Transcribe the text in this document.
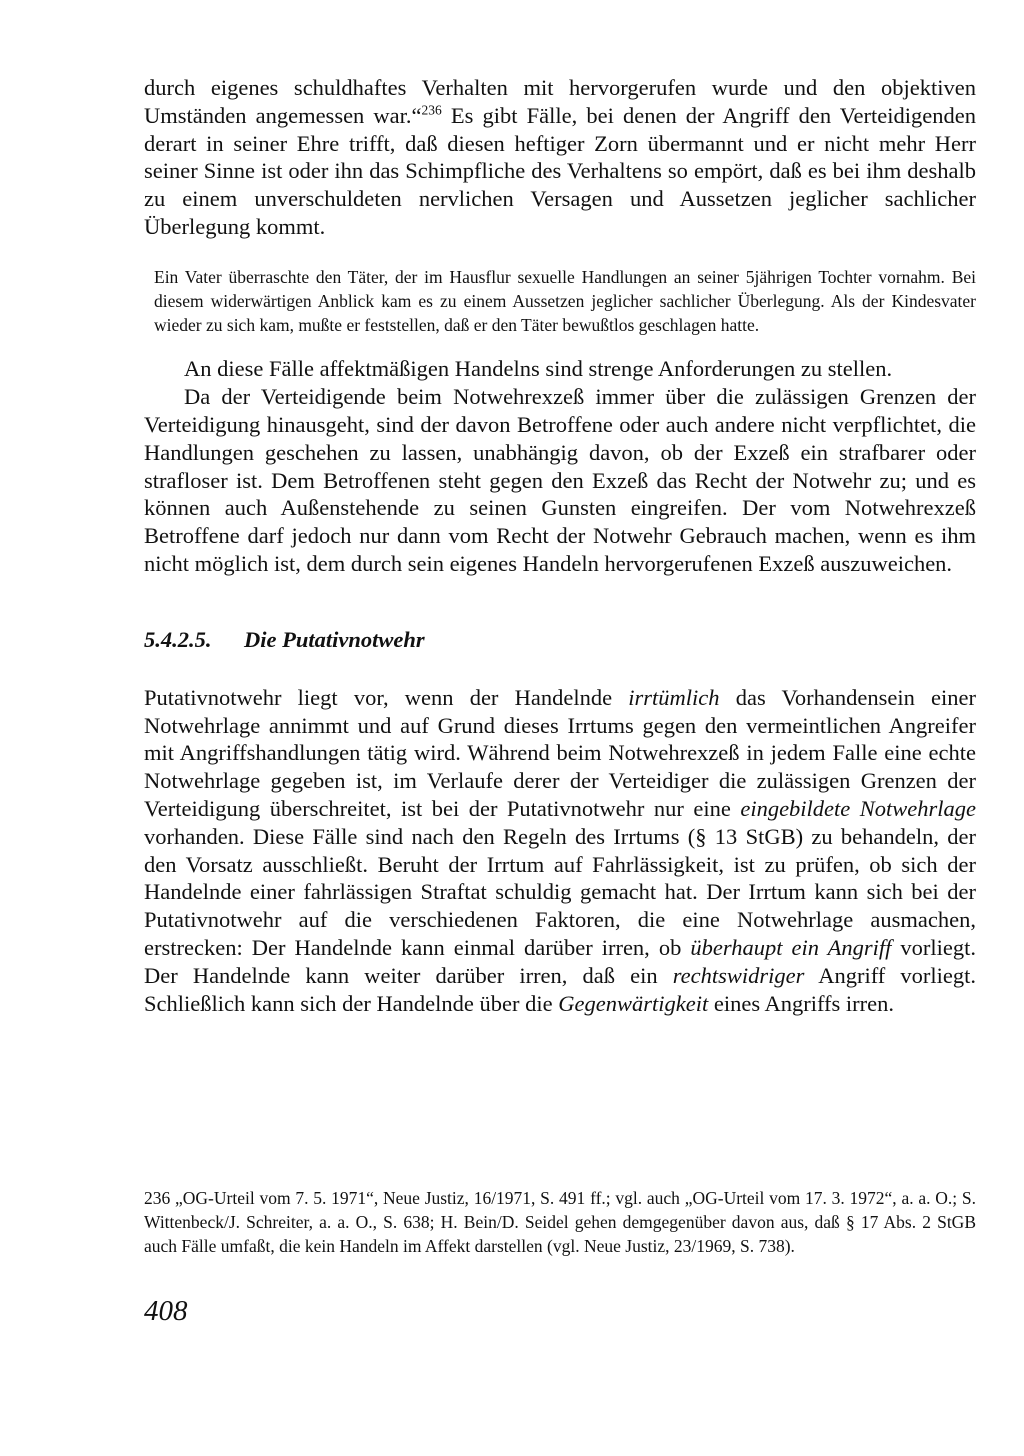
durch eigenes schuldhaftes Verhalten mit hervorgerufen wurde und den objektiven Umständen angemessen war.“$^{236}$ Es gibt Fälle, bei denen der Angriff den Verteidigenden derart in seiner Ehre trifft, daß diesen heftiger Zorn übermannt und er nicht mehr Herr seiner Sinne ist oder ihn das Schimpfliche des Verhaltens so empört, daß es bei ihm deshalb zu einem unverschuldeten nervlichen Versagen und Aussetzen jeglicher sachlicher Überlegung kommt.

Ein Vater überraschte den Täter, der im Hausflur sexuelle Handlungen an seiner 5jährigen Tochter vornahm. Bei diesem widerwärtigen Anblick kam es zu einem Aussetzen jeglicher sachlicher Überlegung. Als der Kindesvater wieder zu sich kam, mußte er feststellen, daß er den Täter bewußtlos geschlagen hatte.

An diese Fälle affektmäßigen Handelns sind strenge Anforderungen zu stellen.

Da der Verteidigende beim Notwehrexzeß immer über die zulässigen Grenzen der Verteidigung hinausgeht, sind der davon Betroffene oder auch andere nicht verpflichtet, die Handlungen geschehen zu lassen, unabhängig davon, ob der Exzeß ein strafbarer oder strafloser ist. Dem Betroffenen steht gegen den Exzeß das Recht der Notwehr zu; und es können auch Außenstehende zu seinen Gunsten eingreifen. Der vom Notwehrexzeß Betroffene darf jedoch nur dann vom Recht der Notwehr Gebrauch machen, wenn es ihm nicht möglich ist, dem durch sein eigenes Handeln hervorgerufenen Exzeß auszuweichen.

5.4.2.5. Die Putativnotwehr

Putativnotwehr liegt vor, wenn der Handelnde irrtümlich das Vorhandensein einer Notwehrlage annimmt und auf Grund dieses Irrtums gegen den vermeintlichen Angreifer mit Angriffshandlungen tätig wird. Während beim Notwehrexzeß in jedem Falle eine echte Notwehrlage gegeben ist, im Verlaufe derer der Verteidiger die zulässigen Grenzen der Verteidigung überschreitet, ist bei der Putativnotwehr nur eine eingebildete Notwehrlage vorhanden. Diese Fälle sind nach den Regeln des Irrtums (§ 13 StGB) zu behandeln, der den Vorsatz ausschließt. Beruht der Irrtum auf Fahrlässigkeit, ist zu prüfen, ob sich der Handelnde einer fahrlässigen Straftat schuldig gemacht hat. Der Irrtum kann sich bei der Putativnotwehr auf die verschiedenen Faktoren, die eine Notwehrlage ausmachen, erstrecken: Der Handelnde kann einmal darüber irren, ob überhaupt ein Angriff vorliegt. Der Handelnde kann weiter darüber irren, daß ein rechtswidriger Angriff vorliegt. Schließlich kann sich der Handelnde über die Gegenwärtigkeit eines Angriffs irren.

236 „OG-Urteil vom 7. 5. 1971“, Neue Justiz, 16/1971, S. 491 ff.; vgl. auch „OG-Urteil vom 17. 3. 1972“, a. a. O.; S. Wittenbeck/J. Schreiter, a. a. O., S. 638; H. Bein/D. Seidel gehen demgegenüber davon aus, daß § 17 Abs. 2 StGB auch Fälle umfaßt, die kein Handeln im Affekt darstellen (vgl. Neue Justiz, 23/1969, S. 738).

408
